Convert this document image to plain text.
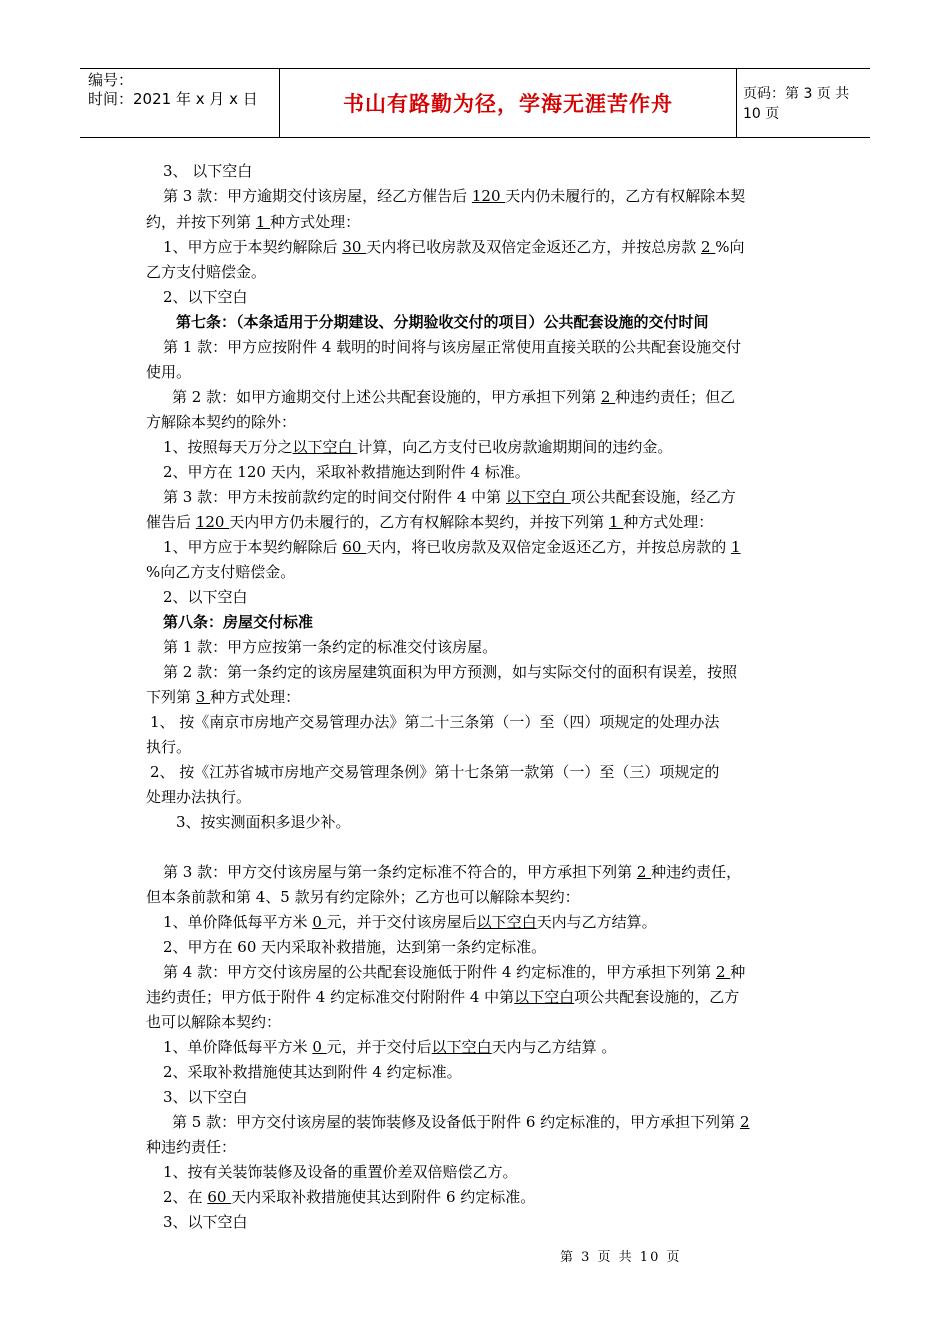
编号：
时间：2021 年 x 月 x 日	书山有路勤为径，学海无涯苦作舟	页码：第 3 页 共 10 页
3、 以下空白
第 3 款：甲方逾期交付该房屋，经乙方催告后 120 天内仍未履行的，乙方有权解除本契
约，并按下列第 1 种方式处理：
1、甲方应于本契约解除后 30 天内将已收房款及双倍定金返还乙方，并按总房款 2 %向
乙方支付赔偿金。
2、以下空白
第七条：（本条适用于分期建设、分期验收交付的项目）公共配套设施的交付时间
第 1 款：甲方应按附件 4 载明的时间将与该房屋正常使用直接关联的公共配套设施交付
使用。
第 2 款：如甲方逾期交付上述公共配套设施的，甲方承担下列第 2 种违约责任；但乙
方解除本契约的除外：
1、按照每天万分之以下空白 计算，向乙方支付已收房款逾期期间的违约金。
2、甲方在 120 天内，采取补救措施达到附件 4 标准。
第 3 款：甲方未按前款约定的时间交付附件 4 中第 以下空白 项公共配套设施，经乙方
催告后 120 天内甲方仍未履行的，乙方有权解除本契约，并按下列第 1 种方式处理：
1、甲方应于本契约解除后 60 天内，将已收房款及双倍定金返还乙方，并按总房款的 1
%向乙方支付赔偿金。
2、以下空白
第八条：房屋交付标准
第 1 款：甲方应按第一条约定的标准交付该房屋。
第 2 款：第一条约定的该房屋建筑面积为甲方预测，如与实际交付的面积有误差，按照
下列第 3 种方式处理：
1、 按《南京市房地产交易管理办法》第二十三条第（一）至（四）项规定的处理办法
执行。
2、 按《江苏省城市房地产交易管理条例》第十七条第一款第（一）至（三）项规定的
处理办法执行。
3、按实测面积多退少补。
第 3 款：甲方交付该房屋与第一条约定标准不符合的，甲方承担下列第 2 种违约责任，
但本条前款和第 4、5 款另有约定除外；乙方也可以解除本契约：
1、单价降低每平方米 0 元，并于交付该房屋后以下空白天内与乙方结算。
2、甲方在 60 天内采取补救措施，达到第一条约定标准。
第 4 款：甲方交付该房屋的公共配套设施低于附件 4 约定标准的，甲方承担下列第 2 种
违约责任；甲方低于附件 4 约定标准交付附附件 4 中第以下空白项公共配套设施的，乙方
也可以解除本契约：
1、单价降低每平方米 0 元，并于交付后以下空白天内与乙方结算 。
2、采取补救措施使其达到附件 4 约定标准。
3、以下空白
第 5 款：甲方交付该房屋的装饰装修及设备低于附件 6 约定标准的，甲方承担下列第 2
种违约责任：
1、按有关装饰装修及设备的重置价差双倍赔偿乙方。
2、在 60 天内采取补救措施使其达到附件 6 约定标准。
3、以下空白
第 3 页 共 10 页
